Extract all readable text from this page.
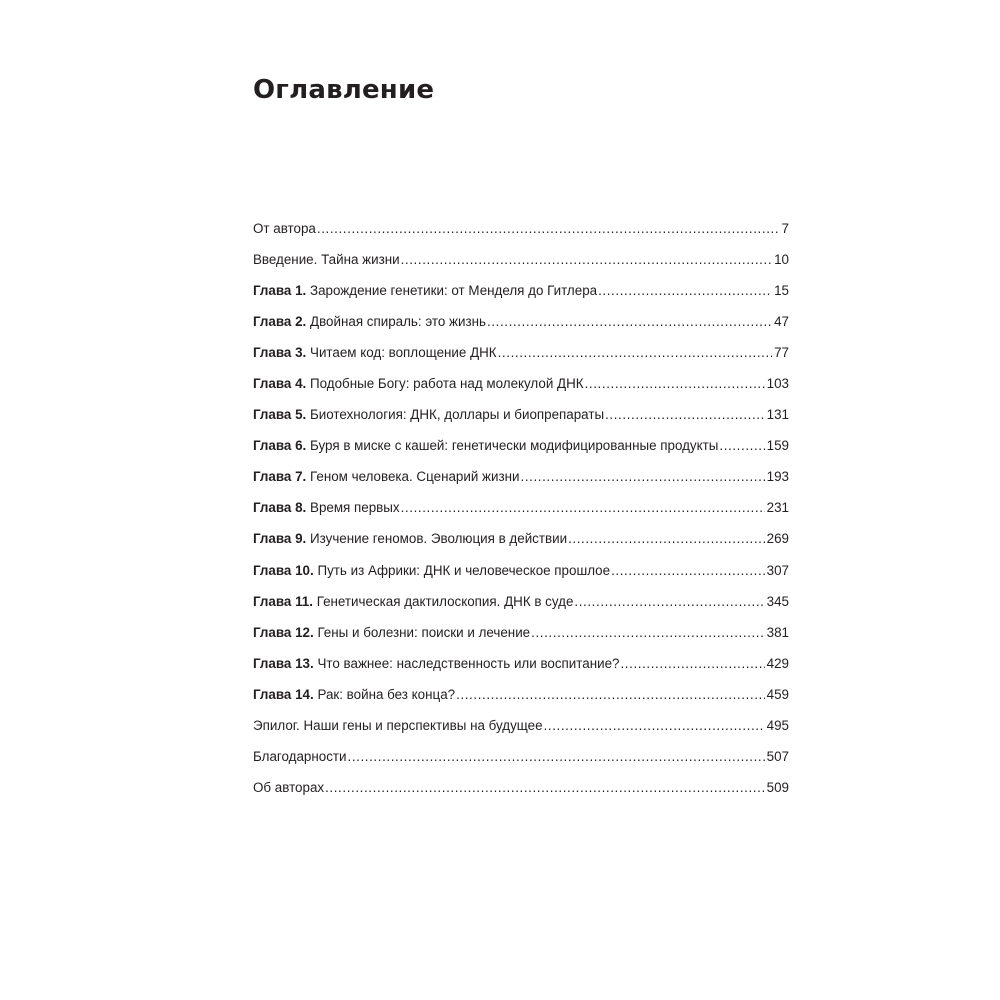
Оглавление
От автора .....	7
Введение. Тайна жизни .....	10
Глава 1. Зарождение генетики: от Менделя до Гитлера .....	15
Глава 2. Двойная спираль: это жизнь .....	47
Глава 3. Читаем код: воплощение ДНК .....	77
Глава 4. Подобные Богу: работа над молекулой ДНК .....	103
Глава 5. Биотехнология: ДНК, доллары и биопрепараты .....	131
Глава 6. Буря в миске с кашей: генетически модифицированные продукты .....	159
Глава 7. Геном человека. Сценарий жизни .....	193
Глава 8. Время первых .....	231
Глава 9. Изучение геномов. Эволюция в действии .....	269
Глава 10. Путь из Африки: ДНК и человеческое прошлое .....	307
Глава 11. Генетическая дактилоскопия. ДНК в суде .....	345
Глава 12. Гены и болезни: поиски и лечение .....	381
Глава 13. Что важнее: наследственность или воспитание? .....	429
Глава 14. Рак: война без конца? .....	459
Эпилог. Наши гены и перспективы на будущее .....	495
Благодарности .....	507
Об авторах .....	509
